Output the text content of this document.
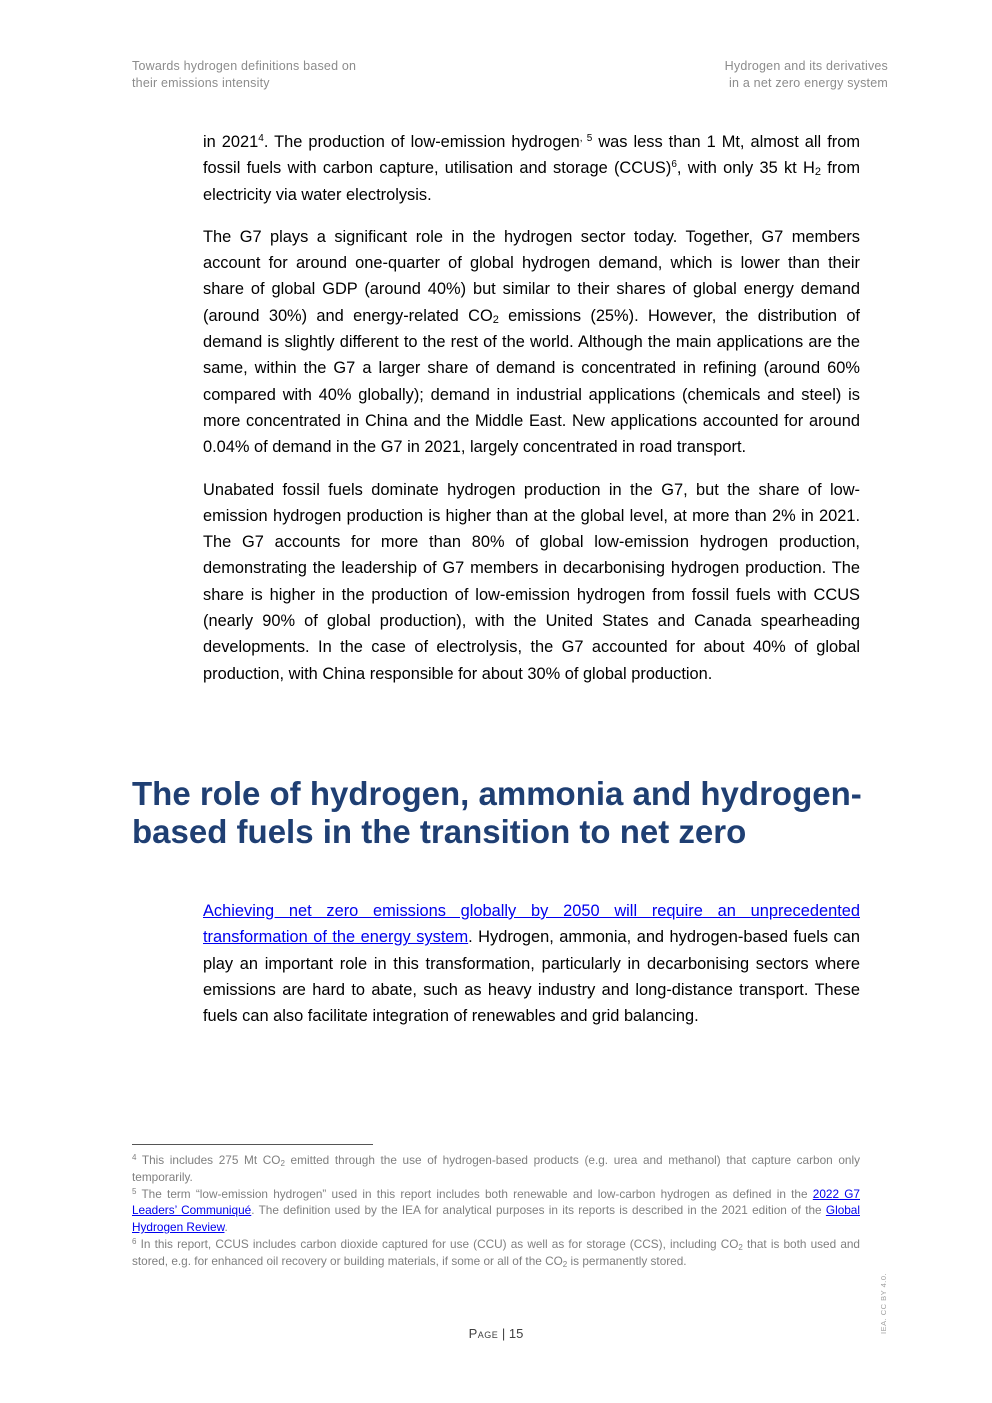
Towards hydrogen definitions based on
their emissions intensity
Hydrogen and its derivatives
in a net zero energy system

in 2021$^4$. The production of low-emission hydrogen$^{, 5}$ was less than 1 Mt, almost all from fossil fuels with carbon capture, utilisation and storage (CCUS)$^6$, with only 35 kt $H_2$ from electricity via water electrolysis.

The G7 plays a significant role in the hydrogen sector today. Together, G7 members account for around one-quarter of global hydrogen demand, which is lower than their share of global GDP (around 40%) but similar to their shares of global energy demand (around 30%) and energy-related $CO_2$ emissions (25%). However, the distribution of demand is slightly different to the rest of the world. Although the main applications are the same, within the G7 a larger share of demand is concentrated in refining (around 60% compared with 40% globally); demand in industrial applications (chemicals and steel) is more concentrated in China and the Middle East. New applications accounted for around 0.04% of demand in the G7 in 2021, largely concentrated in road transport.

Unabated fossil fuels dominate hydrogen production in the G7, but the share of low-emission hydrogen production is higher than at the global level, at more than 2% in 2021. The G7 accounts for more than 80% of global low-emission hydrogen production, demonstrating the leadership of G7 members in decarbonising hydrogen production. The share is higher in the production of low-emission hydrogen from fossil fuels with CCUS (nearly 90% of global production), with the United States and Canada spearheading developments. In the case of electrolysis, the G7 accounted for about 40% of global production, with China responsible for about 30% of global production.

The role of hydrogen, ammonia and hydrogen-based fuels in the transition to net zero

Achieving net zero emissions globally by 2050 will require an unprecedented transformation of the energy system. Hydrogen, ammonia, and hydrogen-based fuels can play an important role in this transformation, particularly in decarbonising sectors where emissions are hard to abate, such as heavy industry and long-distance transport. These fuels can also facilitate integration of renewables and grid balancing.

$^4$ This includes 275 Mt $CO_2$ emitted through the use of hydrogen-based products (e.g. urea and methanol) that capture carbon only temporarily.

$^5$ The term “low-emission hydrogen” used in this report includes both renewable and low-carbon hydrogen as defined in the 2022 G7 Leaders’ Communiqué. The definition used by the IEA for analytical purposes in its reports is described in the 2021 edition of the Global Hydrogen Review.

$^6$ In this report, CCUS includes carbon dioxide captured for use (CCU) as well as for storage (CCS), including $CO_2$ that is both used and stored, e.g. for enhanced oil recovery or building materials, if some or all of the $CO_2$ is permanently stored.

Page | 15	IEA. CC BY 4.0.
